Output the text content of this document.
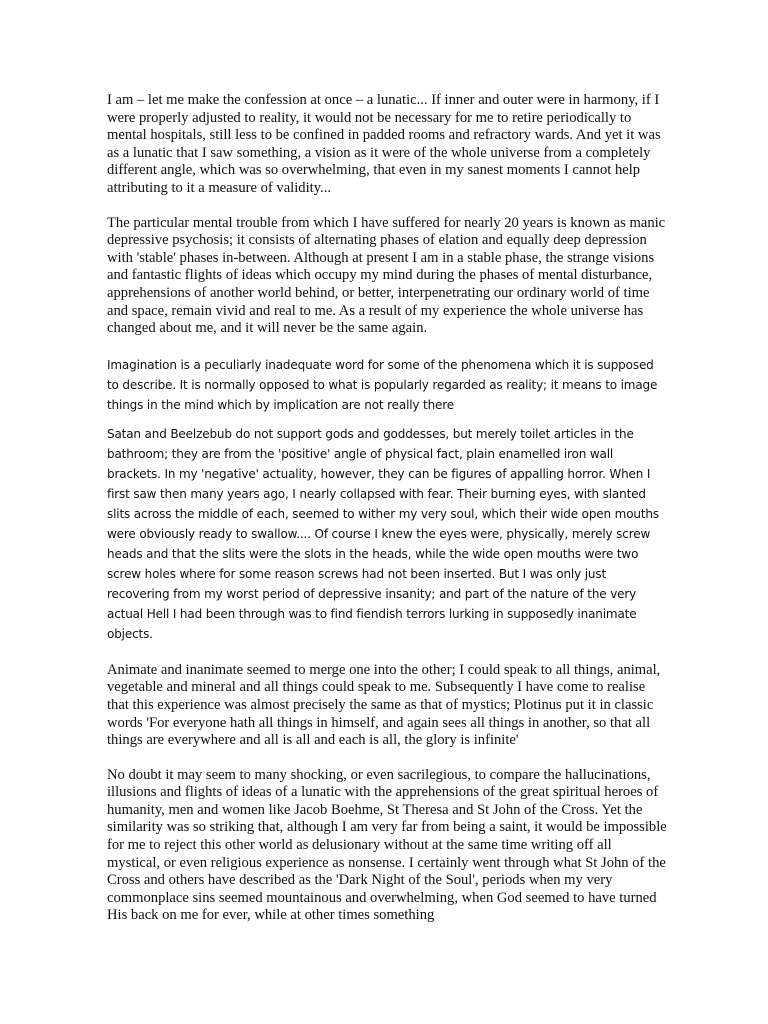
I am – let me make the confession at once – a lunatic... If inner and outer were in harmony, if I were properly adjusted to reality, it would not be necessary for me to retire periodically to mental hospitals, still less to be confined in padded rooms and refractory wards. And yet it was as a lunatic that I saw something, a vision as it were of the whole universe from a completely different angle, which was so overwhelming, that even in my sanest moments I cannot help attributing to it a measure of validity...

The particular mental trouble from which I have suffered for nearly 20 years is known as manic depressive psychosis; it consists of alternating phases of elation and equally deep depression with 'stable' phases in-between. Although at present I am in a stable phase, the strange visions and fantastic flights of ideas which occupy my mind during the phases of mental disturbance, apprehensions of another world behind, or better, interpenetrating our ordinary world of time and space, remain vivid and real to me. As a result of my experience the whole universe has changed about me, and it will never be the same again.

Imagination is a peculiarly inadequate word for some of the phenomena which it is supposed to describe. It is normally opposed to what is popularly regarded as reality; it means to image things in the mind which by implication are not really there

Satan and Beelzebub do not support gods and goddesses, but merely toilet articles in the bathroom; they are from the 'positive' angle of physical fact, plain enamelled iron wall brackets. In my 'negative' actuality, however, they can be figures of appalling horror. When I first saw then many years ago, I nearly collapsed with fear. Their burning eyes, with slanted slits across the middle of each, seemed to wither my very soul, which their wide open mouths were obviously ready to swallow.... Of course I knew the eyes were, physically, merely screw heads and that the slits were the slots in the heads, while the wide open mouths were two screw holes where for some reason screws had not been inserted. But I was only just recovering from my worst period of depressive insanity; and part of the nature of the very actual Hell I had been through was to find fiendish terrors lurking in supposedly inanimate objects.

Animate and inanimate seemed to merge one into the other; I could speak to all things, animal, vegetable and mineral and all things could speak to me. Subsequently I have come to realise that this experience was almost precisely the same as that of mystics; Plotinus put it in classic words 'For everyone hath all things in himself, and again sees all things in another, so that all things are everywhere and all is all and each is all, the glory is infinite'

No doubt it may seem to many shocking, or even sacrilegious, to compare the hallucinations, illusions and flights of ideas of a lunatic with the apprehensions of the great spiritual heroes of humanity, men and women like Jacob Boehme, St Theresa and St John of the Cross. Yet the similarity was so striking that, although I am very far from being a saint, it would be impossible for me to reject this other world as delusionary without at the same time writing off all mystical, or even religious experience as nonsense. I certainly went through what St John of the Cross and others have described as the 'Dark Night of the Soul', periods when my very commonplace sins seemed mountainous and overwhelming, when God seemed to have turned His back on me for ever, while at other times something
